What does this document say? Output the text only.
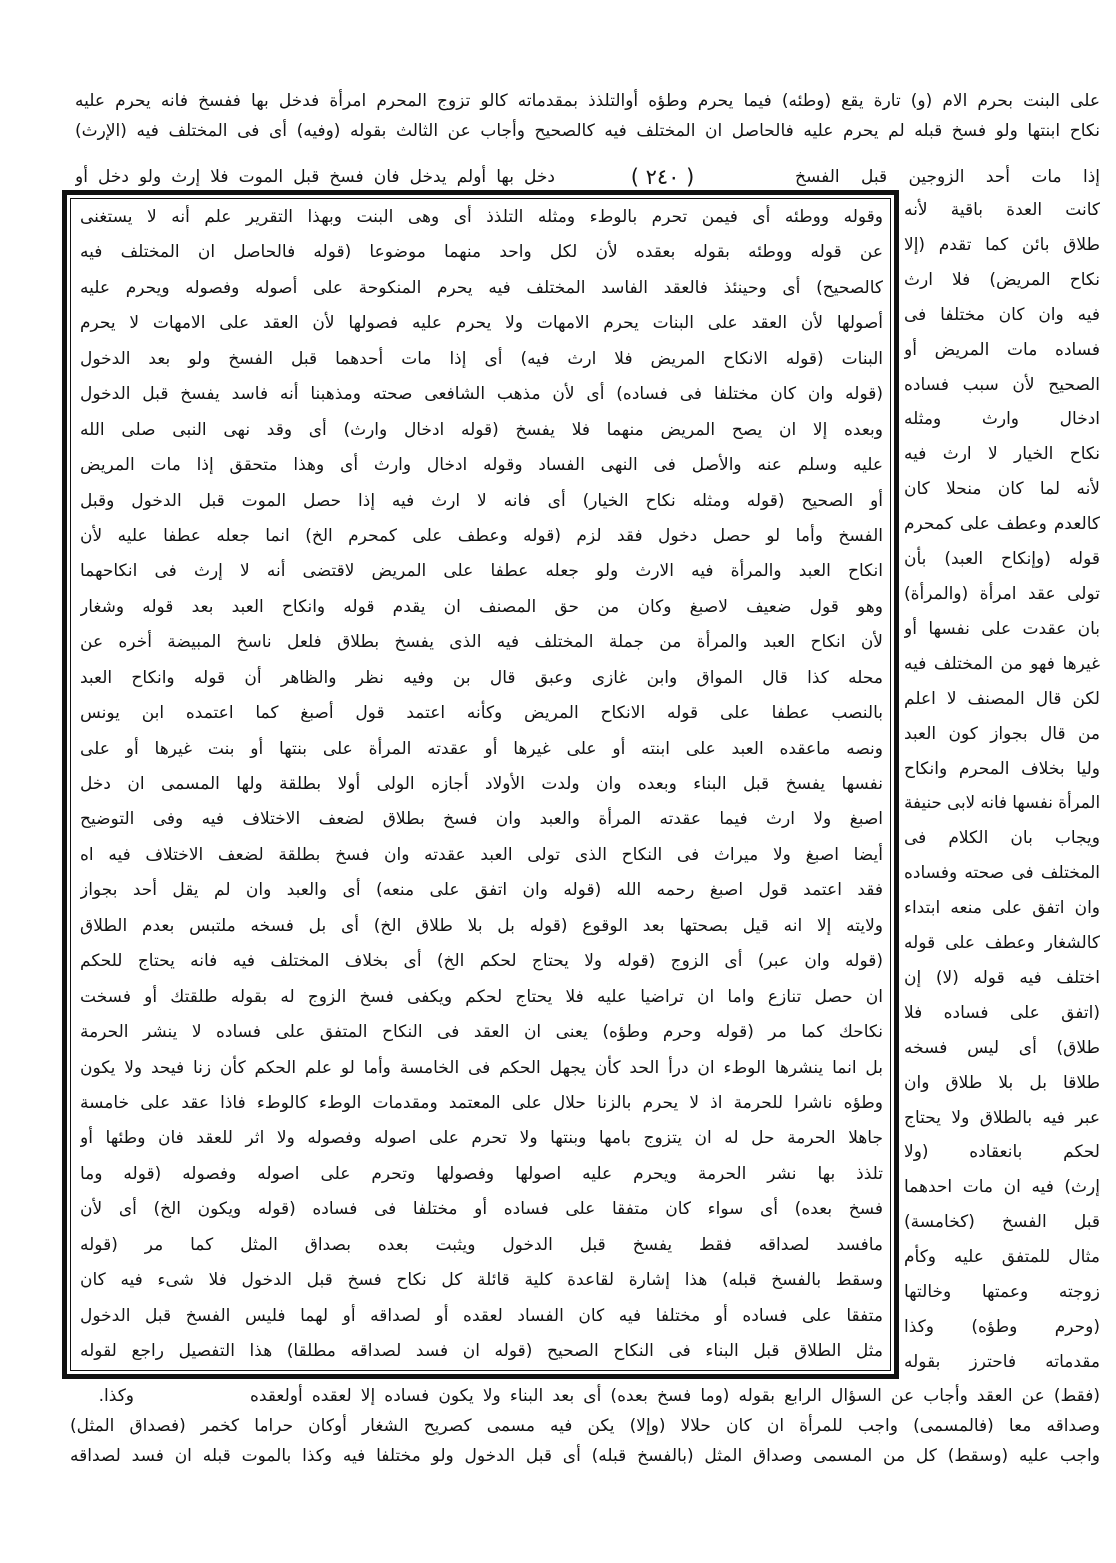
على البنت بحرم الام (و) تارة يقع (وطئه) فيما يحرم وطؤه أوالتلذذ بمقدماته كالو تزوج المحرم امرأة فدخل بها ففسخ فانه يحرم عليه
نكاح ابنتها ولو فسخ قبله لم يحرم عليه فالحاصل ان المختلف فيه كالصحيح وأجاب عن الثالث بقوله (وفيه) أى فى المختلف فيه (الإرث)
إذا مات أحد الزوجين قبل الفسخ
( ٢٤٠ )
دخل بها أولم يدخل فان فسخ قبل الموت فلا إرث ولو دخل أو
كانت العدة باقية لأنه
طلاق بائن كما تقدم (إلا
نكاح المريض) فلا ارث
فيه وان كان مختلفا فى
فساده مات المريض أو
الصحيح لأن سبب فساده
ادخال وارث ومثله
نكاح الخيار لا ارث فيه
لأنه لما كان منحلا كان
كالعدم وعطف على كمحرم
قوله (وإنكاح العبد) بأن
تولى عقد امرأة (والمرأة)
بان عقدت على نفسها أو
غيرها فهو من المختلف فيه
لكن قال المصنف لا اعلم
من قال بجواز كون العبد
وليا بخلاف المحرم وانكاح
المرأة نفسها فانه لابى حنيفة
ويجاب بان الكلام فى
المختلف فى صحته وفساده
وان اتفق على منعه ابتداء
كالشغار وعطف على قوله
اختلف فيه قوله (لا) إن
(اتفق على فساده فلا
طلاق) أى ليس فسخه
طلاقا بل بلا طلاق وان
عبر فيه بالطلاق ولا يحتاج
لحكم بانعقاده (ولا
إرث) فيه ان مات احدهما
قبل الفسخ (كخامسة)
مثال للمتفق عليه وكأم
زوجته وعمتها وخالتها
(وحرم وطؤه) وكذا
مقدماته فاحترز بقوله
وقوله ووطئه أى فيمن تحرم بالوطء ومثله التلذذ أى وهى البنت وبهذا التقرير علم أنه لا يستغنى
عن قوله ووطئه بقوله بعقده لأن لكل واحد منهما موضوعا (قوله فالحاصل ان المختلف فيه
كالصحيح) أى وحينئذ فالعقد الفاسد المختلف فيه يحرم المنكوحة على أصوله وفصوله ويحرم عليه
أصولها لأن العقد على البنات يحرم الامهات ولا يحرم عليه فصولها لأن العقد على الامهات لا يحرم
البنات (قوله الانكاح المريض فلا ارث فيه) أى إذا مات أحدهما قبل الفسخ ولو بعد الدخول
(قوله وان كان مختلفا فى فساده) أى لأن مذهب الشافعى صحته ومذهبنا أنه فاسد يفسخ قبل الدخول
وبعده إلا ان يصح المريض منهما فلا يفسخ (قوله ادخال وارث) أى وقد نهى النبى صلى الله
عليه وسلم عنه والأصل فى النهى الفساد وقوله ادخال وارث أى وهذا متحقق إذا مات المريض
أو الصحيح (قوله ومثله نكاح الخيار) أى فانه لا ارث فيه إذا حصل الموت قبل الدخول وقبل
الفسخ وأما لو حصل دخول فقد لزم (قوله وعطف على كمحرم الخ) انما جعله عطفا عليه لأن
انكاح العبد والمرأة فيه الارث ولو جعله عطفا على المريض لاقتضى أنه لا إرث فى انكاحهما
وهو قول ضعيف لاصبغ وكان من حق المصنف ان يقدم قوله وانكاح العبد بعد قوله وشغار
لأن انكاح العبد والمرأة من جملة المختلف فيه الذى يفسخ بطلاق فلعل ناسخ المبيضة أخره عن
محله كذا قال المواق وابن غازى وعبق قال بن وفيه نظر والظاهر أن قوله وانكاح العبد
بالنصب عطفا على قوله الانكاح المريض وكأنه اعتمد قول أصبغ كما اعتمده ابن يونس
ونصه ماعقده العبد على ابنته أو على غيرها أو عقدته المرأة على بنتها أو بنت غيرها أو على
نفسها يفسخ قبل البناء وبعده وان ولدت الأولاد أجازه الولى أولا بطلقة ولها المسمى ان دخل
اصبغ ولا ارث فيما عقدته المرأة والعبد وان فسخ بطلاق لضعف الاختلاف فيه وفى التوضيح
أيضا اصبغ ولا ميراث فى النكاح الذى تولى العبد عقدته وان فسخ بطلقة لضعف الاختلاف فيه اه
فقد اعتمد قول اصبغ رحمه الله (قوله وان اتفق على منعه) أى والعبد وان لم يقل أحد بجواز
ولايته إلا انه قيل بصحتها بعد الوقوع (قوله بل بلا طلاق الخ) أى بل فسخه ملتبس بعدم الطلاق
(قوله وان عبر) أى الزوج (قوله ولا يحتاج لحكم الخ) أى بخلاف المختلف فيه فانه يحتاج للحكم
ان حصل تنازع واما ان تراضيا عليه فلا يحتاج لحكم ويكفى فسخ الزوج له بقوله طلقتك أو فسخت
نكاحك كما مر (قوله وحرم وطؤه) يعنى ان العقد فى النكاح المتفق على فساده لا ينشر الحرمة
بل انما ينشرها الوطء ان درأ الحد كأن يجهل الحكم فى الخامسة وأما لو علم الحكم كأن زنا فيحد ولا يكون
وطؤه ناشرا للحرمة اذ لا يحرم بالزنا حلال على المعتمد ومقدمات الوطء كالوطء فاذا عقد على خامسة
جاهلا الحرمة حل له ان يتزوج بامها وبنتها ولا تحرم على اصوله وفصوله ولا اثر للعقد فان وطئها أو
تلذذ بها نشر الحرمة ويحرم عليه اصولها وفصولها وتحرم على اصوله وفصوله (قوله وما
فسخ بعده) أى سواء كان متفقا على فساده أو مختلفا فى فساده (قوله ويكون الخ) أى لأن
مافسد لصداقه فقط يفسخ قبل الدخول ويثبت بعده بصداق المثل كما مر (قوله
وسقط بالفسخ قبله) هذا إشارة لقاعدة كلية قائلة كل نكاح فسخ قبل الدخول فلا شىء فيه كان
متفقا على فساده أو مختلفا فيه كان الفساد لعقده أو لصداقه أو لهما فليس الفسخ قبل الدخول
مثل الطلاق قبل البناء فى النكاح الصحيح (قوله ان فسد لصداقه مطلقا) هذا التفصيل راجع لقوله
(فقط) عن العقد وأجاب عن السؤال الرابع بقوله (وما فسخ بعده) أى بعد البناء ولا يكون فساده إلا لعقده أولعقده
وكذا.
وصداقه معا (فالمسمى) واجب للمرأة ان كان حلالا (وإلا) يكن فيه مسمى كصريح الشغار أوكان حراما كخمر (فصداق المثل)
واجب عليه (وسقط) كل من المسمى وصداق المثل (بالفسخ قبله) أى قبل الدخول ولو مختلفا فيه وكذا بالموت قبله ان فسد لصداقه
